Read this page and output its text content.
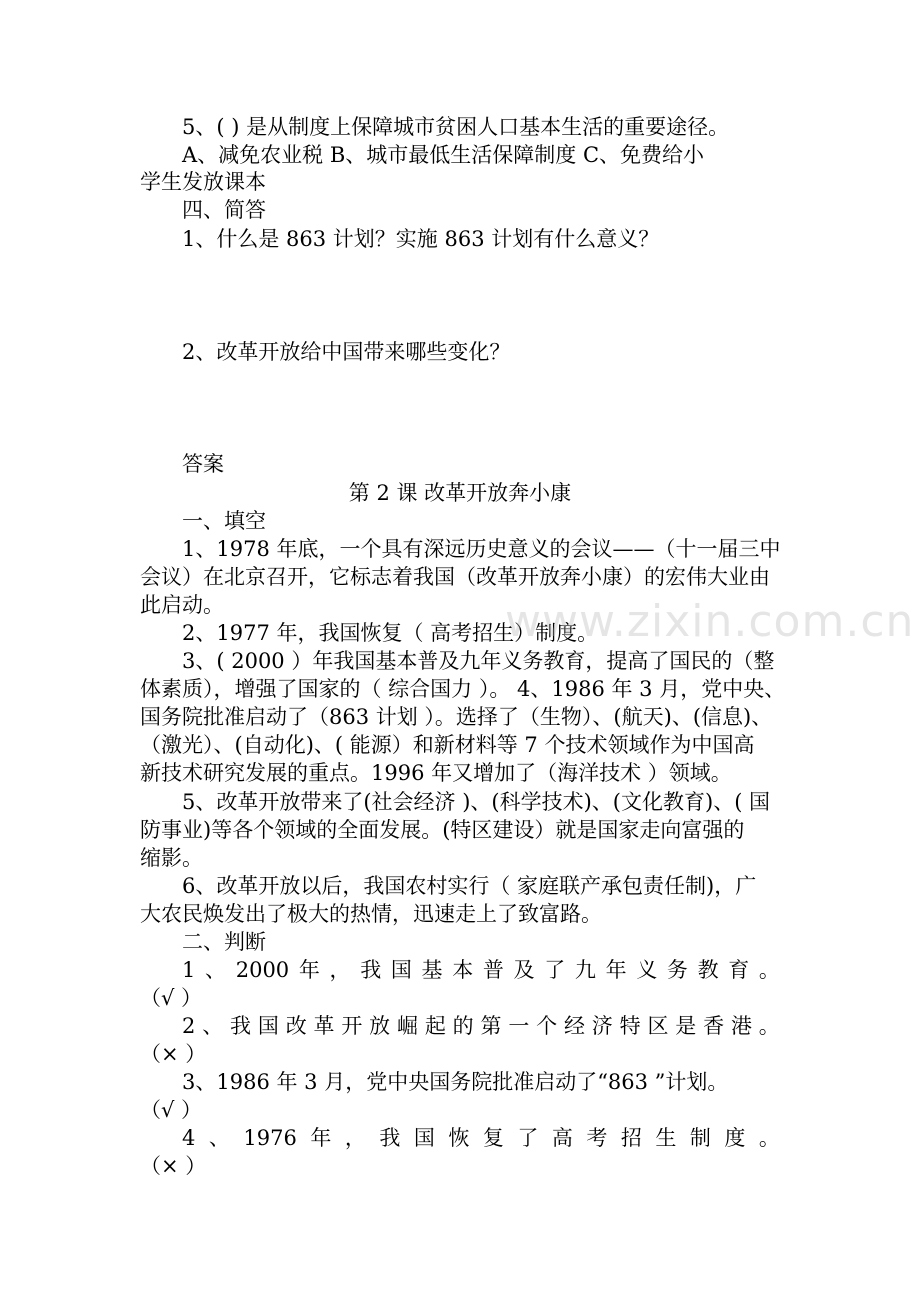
5、( ) 是从制度上保障城市贫困人口基本生活的重要途径。
A、减免农业税 B、城市最低生活保障制度 C、免费给小
学生发放课本
四、简答
1、什么是 863 计划？实施 863 计划有什么意义？
2、改革开放给中国带来哪些变化？
答案
第 2 课 改革开放奔小康
一、填空
1、1978 年底，一个具有深远历史意义的会议——（十一届三中
会议）在北京召开，它标志着我国（改革开放奔小康）的宏伟大业由
此启动。
2、1977 年，我国恢复（ 高考招生）制度。
3、( 2000 ）年我国基本普及九年义务教育，提高了国民的（整
体素质），增强了国家的（ 综合国力 ）。 4、1986 年 3 月，党中央、
国务院批准启动了（863 计划 ）。选择了（生物）、(航天)、(信息)、
（激光）、(自动化)、( 能源）和新材料等 7 个技术领域作为中国高
新技术研究发展的重点。1996 年又增加了（海洋技术 ）领域。
5、改革开放带来了(社会经济 )、(科学技术)、(文化教育)、( 国
防事业)等各个领域的全面发展。(特区建设）就是国家走向富强的
缩影。
6、改革开放以后，我国农村实行（ 家庭联产承包责任制)，广
大农民焕发出了极大的热情，迅速走上了致富路。
二、判断
1 、 2000 年 ， 我 国 基 本 普 及 了 九 年 义 务 教 育 。
（√ ）
2 、 我 国 改 革 开 放 崛 起 的 第 一 个 经 济 特 区 是 香 港 。
（× ）
3、1986 年 3 月，党中央国务院批准启动了“863 ”计划。
（√ ）
4 、 1976 年 ， 我 国 恢 复 了 高 考 招 生 制 度 。
（× ）
www.zixin.com.cn
